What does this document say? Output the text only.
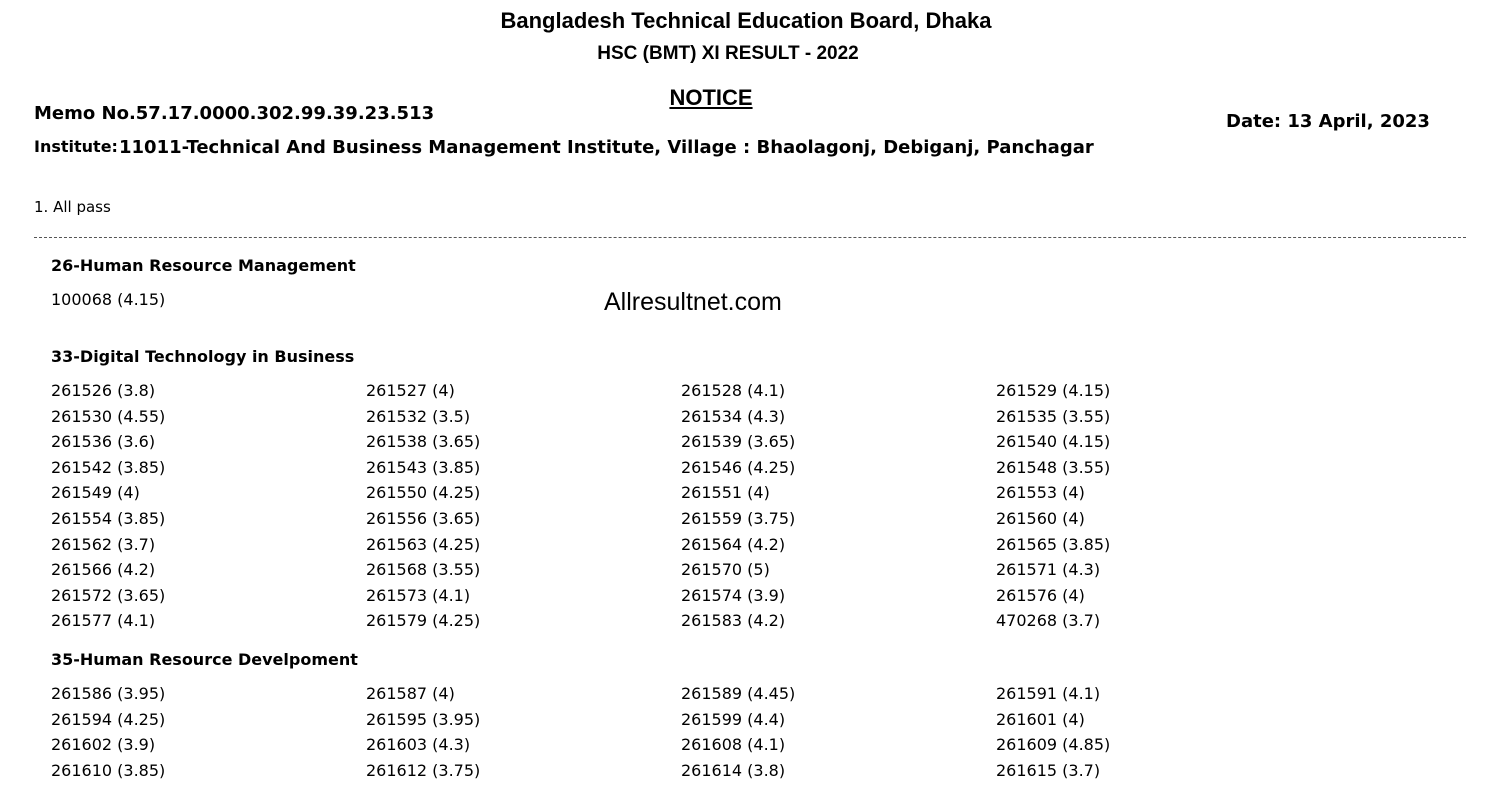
Bangladesh Technical Education Board, Dhaka
HSC (BMT) XI RESULT - 2022
NOTICE
Memo No.57.17.0000.302.99.39.23.513	Date: 13 April, 2023
Institute: 11011-Technical And Business Management Institute, Village : Bhaolagonj, Debiganj, Panchagar
1. All pass
26-Human Resource Management
100068 (4.15)	Allresultnet.com
33-Digital Technology in Business
261526 (3.8)	261527 (4)	261528 (4.1)	261529 (4.15)
261530 (4.55)	261532 (3.5)	261534 (4.3)	261535 (3.55)
261536 (3.6)	261538 (3.65)	261539 (3.65)	261540 (4.15)
261542 (3.85)	261543 (3.85)	261546 (4.25)	261548 (3.55)
261549 (4)	261550 (4.25)	261551 (4)	261553 (4)
261554 (3.85)	261556 (3.65)	261559 (3.75)	261560 (4)
261562 (3.7)	261563 (4.25)	261564 (4.2)	261565 (3.85)
261566 (4.2)	261568 (3.55)	261570 (5)	261571 (4.3)
261572 (3.65)	261573 (4.1)	261574 (3.9)	261576 (4)
261577 (4.1)	261579 (4.25)	261583 (4.2)	470268 (3.7)
35-Human Resource Develpoment
261586 (3.95)	261587 (4)	261589 (4.45)	261591 (4.1)
261594 (4.25)	261595 (3.95)	261599 (4.4)	261601 (4)
261602 (3.9)	261603 (4.3)	261608 (4.1)	261609 (4.85)
261610 (3.85)	261612 (3.75)	261614 (3.8)	261615 (3.7)
